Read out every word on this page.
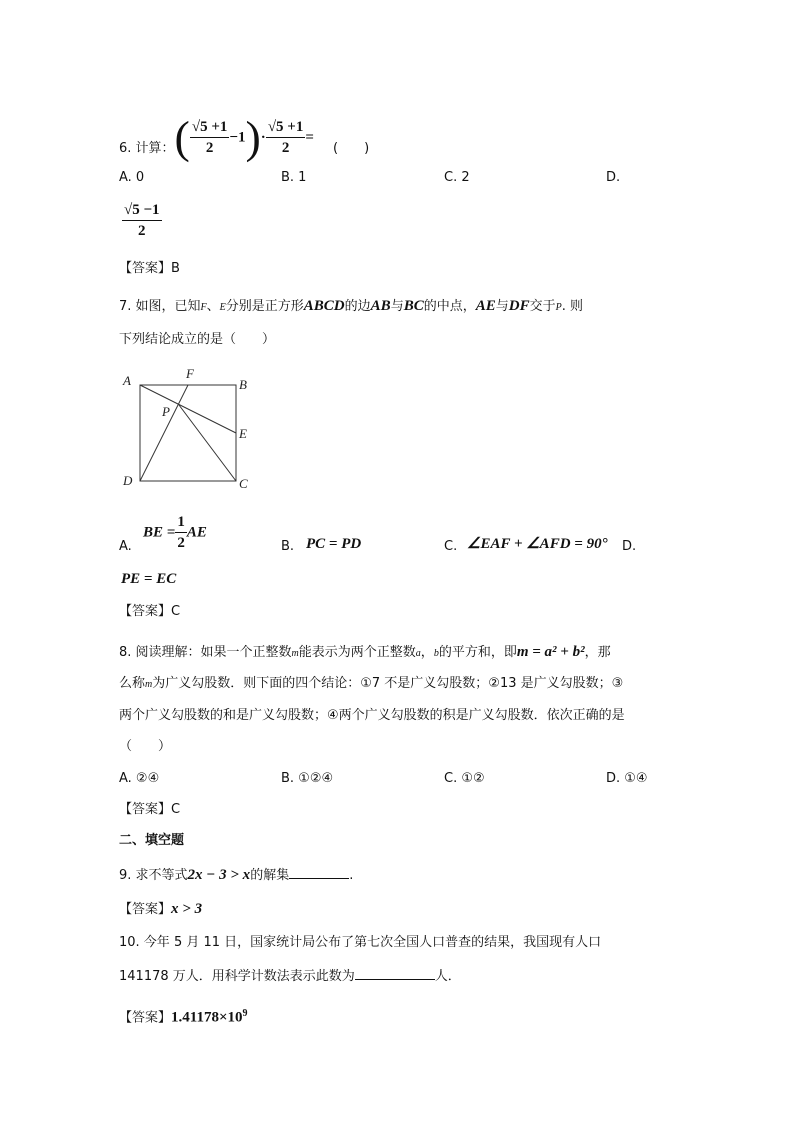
6. 计算：( $\frac{√5 +1}{2} -1)\cdot \frac{√5 +1}{2}$ =
(　　)
A. 0	B. 1	C. 2	D.
$\frac{√5 -1}{2}$
【答案】B
7. 如图，已知F、E分别是正方形ABCD的边AB与BC的中点，AE与DF交于P. 则
下列结论成立的是（　　）
A	F
B
P
E
D	C
A.
BE = $\frac{1}{2}$ AE
B. PC = PD	C. ∠EAF + ∠AFD = 90° D.
PE = EC
【答案】C
8. 阅读理解：如果一个正整数m能表示为两个正整数a，b的平方和，即m = a² + b²，那
么称m为广义勾股数．则下面的四个结论：①7 不是广义勾股数；②13 是广义勾股数；③
两个广义勾股数的和是广义勾股数；④两个广义勾股数的积是广义勾股数．依次正确的是
（　　）
A. ②④	B. ①②④	C. ①②	D. ①④
【答案】C
二、填空题
9. 求不等式2x − 3 > x的解集	.
【答案】x > 3
10. 今年 5 月 11 日，国家统计局公布了第七次全国人口普查的结果，我国现有人口
141178 万人．用科学计数法表示此数为	人．
【答案】$1.41178\times 10^9$
